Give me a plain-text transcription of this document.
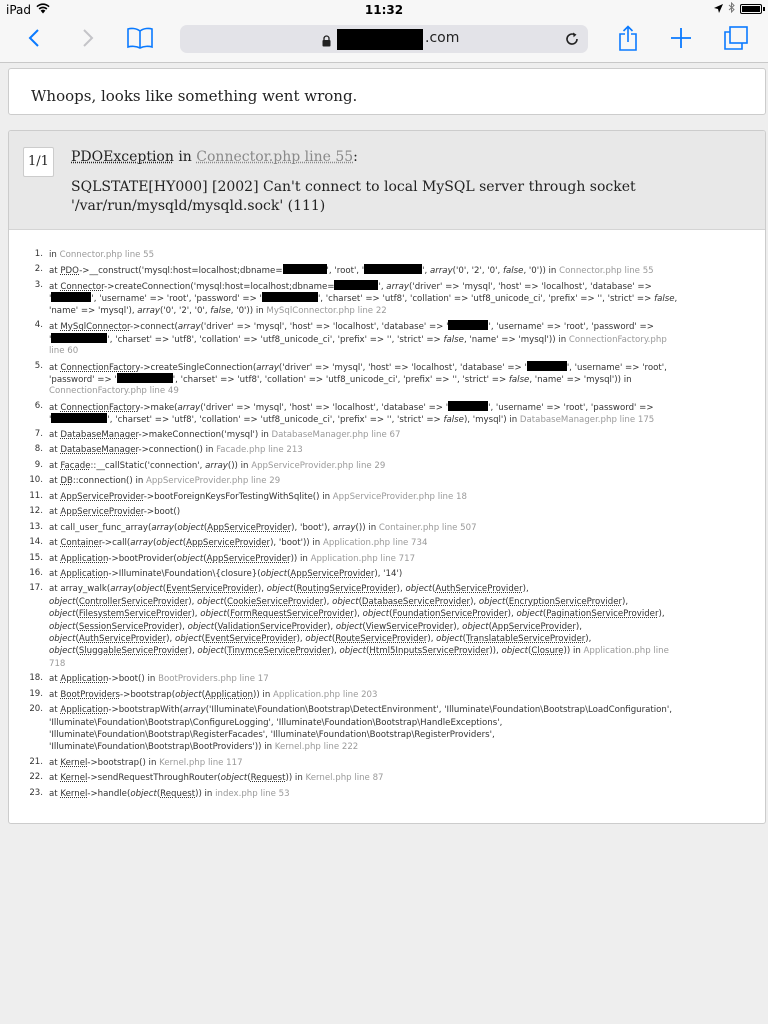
iPad	11:32
.com
Whoops, looks like something went wrong.
1/1	PDOException in Connector.php line 55:
SQLSTATE[HY000] [2002] Can't connect to local MySQL server through socket
'/var/run/mysqld/mysqld.sock' (111)
1. in Connector.php line 55
2. at PDO->__construct('mysql:host=localhost;dbname=	', 'root', '	', array('0', '2', '0', false, '0')) in Connector.php line 55
3. at Connector->createConnection('mysql:host=localhost;dbname=	', array('driver' => 'mysql', 'host' => 'localhost', 'database' =>
'	', 'username' => 'root', 'password' => '	', 'charset' => 'utf8', 'collation' => 'utf8_unicode_ci', 'prefix' => '', 'strict' => false,
'name' => 'mysql'), array('0', '2', '0', false, '0')) in MySqlConnector.php line 22
4. at MySqlConnector->connect(array('driver' => 'mysql', 'host' => 'localhost', 'database' => '	', 'username' => 'root', 'password' =>
'	', 'charset' => 'utf8', 'collation' => 'utf8_unicode_ci', 'prefix' => '', 'strict' => false, 'name' => 'mysql')) in ConnectionFactory.php
line 60
5. at ConnectionFactory->createSingleConnection(array('driver' => 'mysql', 'host' => 'localhost', 'database' => '	', 'username' => 'root',
'password' => '	', 'charset' => 'utf8', 'collation' => 'utf8_unicode_ci', 'prefix' => '', 'strict' => false, 'name' => 'mysql')) in
ConnectionFactory.php line 49
6. at ConnectionFactory->make(array('driver' => 'mysql', 'host' => 'localhost', 'database' => '	', 'username' => 'root', 'password' =>
'	', 'charset' => 'utf8', 'collation' => 'utf8_unicode_ci', 'prefix' => '', 'strict' => false), 'mysql') in DatabaseManager.php line 175
7. at DatabaseManager->makeConnection('mysql') in DatabaseManager.php line 67
8. at DatabaseManager->connection() in Facade.php line 213
9. at Facade::__callStatic('connection', array()) in AppServiceProvider.php line 29
10. at DB::connection() in AppServiceProvider.php line 29
11. at AppServiceProvider->bootForeignKeysForTestingWithSqlite() in AppServiceProvider.php line 18
12. at AppServiceProvider->boot()
13. at call_user_func_array(array(object(AppServiceProvider), 'boot'), array()) in Container.php line 507
14. at Container->call(array(object(AppServiceProvider), 'boot')) in Application.php line 734
15. at Application->bootProvider(object(AppServiceProvider)) in Application.php line 717
16. at Application->Illuminate\Foundation\{closure}(object(AppServiceProvider), '14')
17. at array_walk(array(object(EventServiceProvider), object(RoutingServiceProvider), object(AuthServiceProvider),
object(ControllerServiceProvider), object(CookieServiceProvider), object(DatabaseServiceProvider), object(EncryptionServiceProvider),
object(FilesystemServiceProvider), object(FormRequestServiceProvider), object(FoundationServiceProvider), object(PaginationServiceProvider),
object(SessionServiceProvider), object(ValidationServiceProvider), object(ViewServiceProvider), object(AppServiceProvider),
object(AuthServiceProvider), object(EventServiceProvider), object(RouteServiceProvider), object(TranslatableServiceProvider),
object(SluggableServiceProvider), object(TinymceServiceProvider), object(Html5InputsServiceProvider)), object(Closure)) in Application.php line
718
18. at Application->boot() in BootProviders.php line 17
19. at BootProviders->bootstrap(object(Application)) in Application.php line 203
20. at Application->bootstrapWith(array('Illuminate\Foundation\Bootstrap\DetectEnvironment', 'Illuminate\Foundation\Bootstrap\LoadConfiguration',
'Illuminate\Foundation\Bootstrap\ConfigureLogging', 'Illuminate\Foundation\Bootstrap\HandleExceptions',
'Illuminate\Foundation\Bootstrap\RegisterFacades', 'Illuminate\Foundation\Bootstrap\RegisterProviders',
'Illuminate\Foundation\Bootstrap\BootProviders')) in Kernel.php line 222
21. at Kernel->bootstrap() in Kernel.php line 117
22. at Kernel->sendRequestThroughRouter(object(Request)) in Kernel.php line 87
23. at Kernel->handle(object(Request)) in index.php line 53
